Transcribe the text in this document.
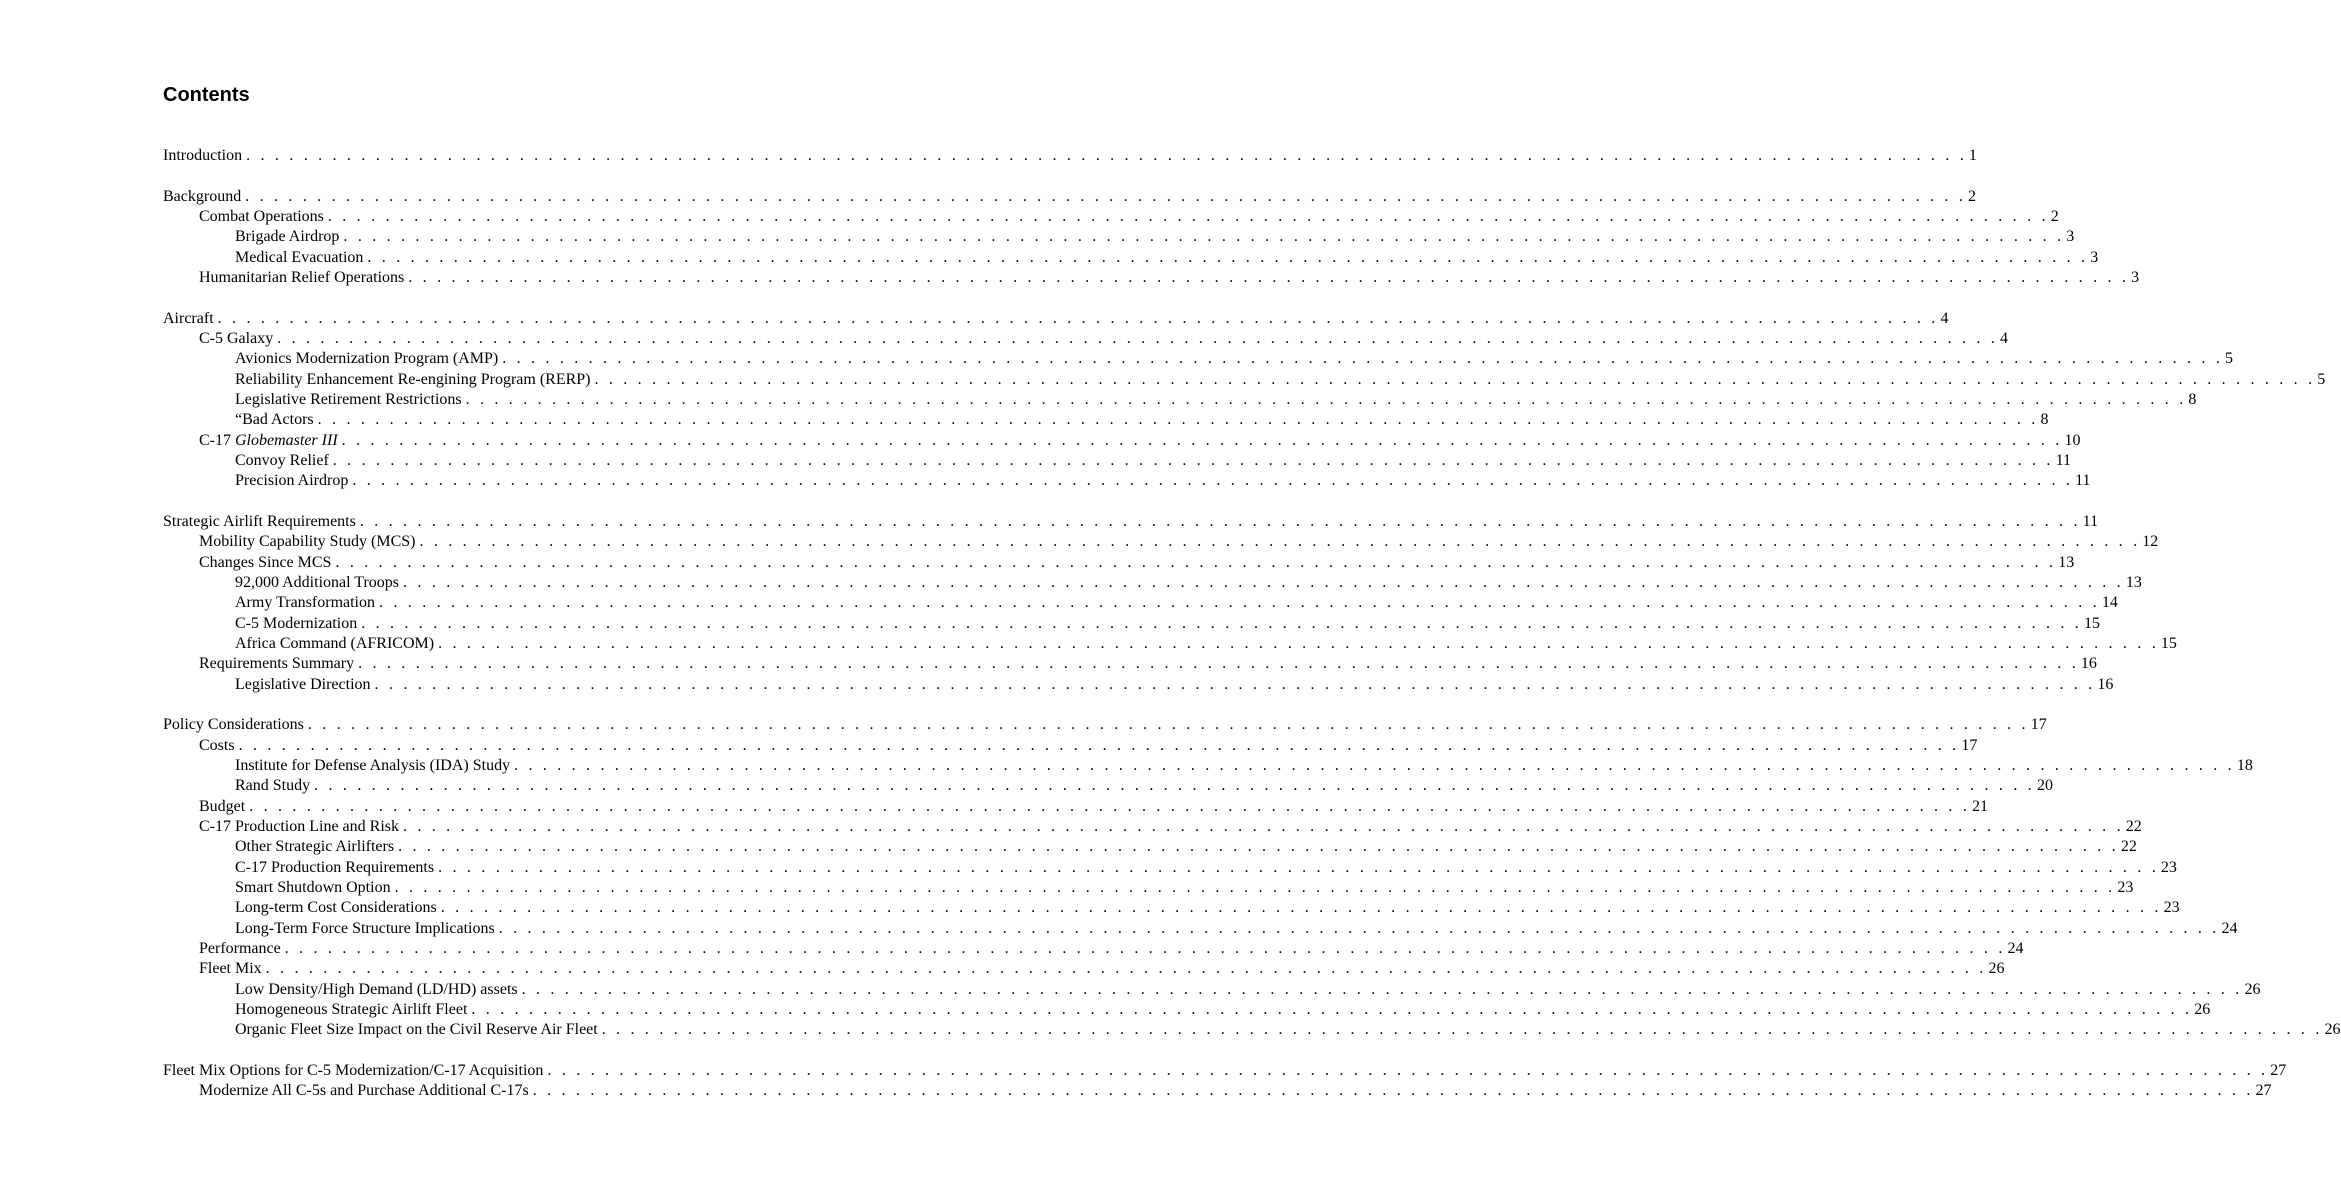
Contents
Introduction . . . . . . . . . . . . . . . . . . . . . . . . . . . . . . . . . . . . . . . . . . . . . . . . . . . . . . . . . . . . . . . . . . . . . . . . . . . . . . . . . . . . . . . . . . . . . . . . . . . . . . . . . . . . . . . . . . . . . . . . 1
Background . . . . . . . . . . . . . . . . . . . . . . . . . . . . . . . . . . . . . . . . . . . . . . . . . . . . . . . . . . . . . . . . . . . . . . . . . . . . . . . . . . . . . . . . . . . . . . . . . . . . . . . . . . . . . . . . . . . . . . . . 2
Combat Operations . . . . . . . . . . . . . . . . . . . . . . . . . . . . . . . . . . . . . . . . . . . . . . . . . . . . . . . . . . . . . . . . . . . . . . . . . . . . . . . . . . . . . . . . . . . . . . . . . . . . . . . . . . . . . . . . . . . . . . . . 2
Brigade Airdrop . . . . . . . . . . . . . . . . . . . . . . . . . . . . . . . . . . . . . . . . . . . . . . . . . . . . . . . . . . . . . . . . . . . . . . . . . . . . . . . . . . . . . . . . . . . . . . . . . . . . . . . . . . . . . . . . . . . . . . . . 3
Medical Evacuation . . . . . . . . . . . . . . . . . . . . . . . . . . . . . . . . . . . . . . . . . . . . . . . . . . . . . . . . . . . . . . . . . . . . . . . . . . . . . . . . . . . . . . . . . . . . . . . . . . . . . . . . . . . . . . . . . . . . . . . . 3
Humanitarian Relief Operations . . . . . . . . . . . . . . . . . . . . . . . . . . . . . . . . . . . . . . . . . . . . . . . . . . . . . . . . . . . . . . . . . . . . . . . . . . . . . . . . . . . . . . . . . . . . . . . . . . . . . . . . . . . . . . . . . . . . . . . . 3
Aircraft . . . . . . . . . . . . . . . . . . . . . . . . . . . . . . . . . . . . . . . . . . . . . . . . . . . . . . . . . . . . . . . . . . . . . . . . . . . . . . . . . . . . . . . . . . . . . . . . . . . . . . . . . . . . . . . . . . . . . . . . 4
C-5 Galaxy . . . . . . . . . . . . . . . . . . . . . . . . . . . . . . . . . . . . . . . . . . . . . . . . . . . . . . . . . . . . . . . . . . . . . . . . . . . . . . . . . . . . . . . . . . . . . . . . . . . . . . . . . . . . . . . . . . . . . . . . 4
Avionics Modernization Program (AMP) . . . . . . . . . . . . . . . . . . . . . . . . . . . . . . . . . . . . . . . . . . . . . . . . . . . . . . . . . . . . . . . . . . . . . . . . . . . . . . . . . . . . . . . . . . . . . . . . . . . . . . . . . . . . . . . . . . . . . . . . 5
Reliability Enhancement Re-engining Program (RERP) . . . . . . . . . . . . . . . . . . . . . . . . . . . . . . . . . . . . . . . . . . . . . . . . . . . . . . . . . . . . . . . . . . . . . . . . . . . . . . . . . . . . . . . . . . . . . . . . . . . . . . . . . . . . . . . . . . . . . . . . 5
Legislative Retirement Restrictions . . . . . . . . . . . . . . . . . . . . . . . . . . . . . . . . . . . . . . . . . . . . . . . . . . . . . . . . . . . . . . . . . . . . . . . . . . . . . . . . . . . . . . . . . . . . . . . . . . . . . . . . . . . . . . . . . . . . . . . . 8
“Bad Actors . . . . . . . . . . . . . . . . . . . . . . . . . . . . . . . . . . . . . . . . . . . . . . . . . . . . . . . . . . . . . . . . . . . . . . . . . . . . . . . . . . . . . . . . . . . . . . . . . . . . . . . . . . . . . . . . . . . . . . . . 8
C-17 Globemaster III . . . . . . . . . . . . . . . . . . . . . . . . . . . . . . . . . . . . . . . . . . . . . . . . . . . . . . . . . . . . . . . . . . . . . . . . . . . . . . . . . . . . . . . . . . . . . . . . . . . . . . . . . . . . . . . . . . . . . . . . 10
Convoy Relief . . . . . . . . . . . . . . . . . . . . . . . . . . . . . . . . . . . . . . . . . . . . . . . . . . . . . . . . . . . . . . . . . . . . . . . . . . . . . . . . . . . . . . . . . . . . . . . . . . . . . . . . . . . . . . . . . . . . . . . . 11
Precision Airdrop . . . . . . . . . . . . . . . . . . . . . . . . . . . . . . . . . . . . . . . . . . . . . . . . . . . . . . . . . . . . . . . . . . . . . . . . . . . . . . . . . . . . . . . . . . . . . . . . . . . . . . . . . . . . . . . . . . . . . . . . 11
Strategic Airlift Requirements . . . . . . . . . . . . . . . . . . . . . . . . . . . . . . . . . . . . . . . . . . . . . . . . . . . . . . . . . . . . . . . . . . . . . . . . . . . . . . . . . . . . . . . . . . . . . . . . . . . . . . . . . . . . . . . . . . . . . . . . 11
Mobility Capability Study (MCS) . . . . . . . . . . . . . . . . . . . . . . . . . . . . . . . . . . . . . . . . . . . . . . . . . . . . . . . . . . . . . . . . . . . . . . . . . . . . . . . . . . . . . . . . . . . . . . . . . . . . . . . . . . . . . . . . . . . . . . . . 12
Changes Since MCS . . . . . . . . . . . . . . . . . . . . . . . . . . . . . . . . . . . . . . . . . . . . . . . . . . . . . . . . . . . . . . . . . . . . . . . . . . . . . . . . . . . . . . . . . . . . . . . . . . . . . . . . . . . . . . . . . . . . . . . . 13
92,000 Additional Troops . . . . . . . . . . . . . . . . . . . . . . . . . . . . . . . . . . . . . . . . . . . . . . . . . . . . . . . . . . . . . . . . . . . . . . . . . . . . . . . . . . . . . . . . . . . . . . . . . . . . . . . . . . . . . . . . . . . . . . . . 13
Army Transformation . . . . . . . . . . . . . . . . . . . . . . . . . . . . . . . . . . . . . . . . . . . . . . . . . . . . . . . . . . . . . . . . . . . . . . . . . . . . . . . . . . . . . . . . . . . . . . . . . . . . . . . . . . . . . . . . . . . . . . . . 14
C-5 Modernization . . . . . . . . . . . . . . . . . . . . . . . . . . . . . . . . . . . . . . . . . . . . . . . . . . . . . . . . . . . . . . . . . . . . . . . . . . . . . . . . . . . . . . . . . . . . . . . . . . . . . . . . . . . . . . . . . . . . . . . . 15
Africa Command (AFRICOM) . . . . . . . . . . . . . . . . . . . . . . . . . . . . . . . . . . . . . . . . . . . . . . . . . . . . . . . . . . . . . . . . . . . . . . . . . . . . . . . . . . . . . . . . . . . . . . . . . . . . . . . . . . . . . . . . . . . . . . . . 15
Requirements Summary . . . . . . . . . . . . . . . . . . . . . . . . . . . . . . . . . . . . . . . . . . . . . . . . . . . . . . . . . . . . . . . . . . . . . . . . . . . . . . . . . . . . . . . . . . . . . . . . . . . . . . . . . . . . . . . . . . . . . . . . 16
Legislative Direction . . . . . . . . . . . . . . . . . . . . . . . . . . . . . . . . . . . . . . . . . . . . . . . . . . . . . . . . . . . . . . . . . . . . . . . . . . . . . . . . . . . . . . . . . . . . . . . . . . . . . . . . . . . . . . . . . . . . . . . . 16
Policy Considerations . . . . . . . . . . . . . . . . . . . . . . . . . . . . . . . . . . . . . . . . . . . . . . . . . . . . . . . . . . . . . . . . . . . . . . . . . . . . . . . . . . . . . . . . . . . . . . . . . . . . . . . . . . . . . . . . . . . . . . . . 17
Costs . . . . . . . . . . . . . . . . . . . . . . . . . . . . . . . . . . . . . . . . . . . . . . . . . . . . . . . . . . . . . . . . . . . . . . . . . . . . . . . . . . . . . . . . . . . . . . . . . . . . . . . . . . . . . . . . . . . . . . . . 17
Institute for Defense Analysis (IDA) Study . . . . . . . . . . . . . . . . . . . . . . . . . . . . . . . . . . . . . . . . . . . . . . . . . . . . . . . . . . . . . . . . . . . . . . . . . . . . . . . . . . . . . . . . . . . . . . . . . . . . . . . . . . . . . . . . . . . . . . . . 18
Rand Study . . . . . . . . . . . . . . . . . . . . . . . . . . . . . . . . . . . . . . . . . . . . . . . . . . . . . . . . . . . . . . . . . . . . . . . . . . . . . . . . . . . . . . . . . . . . . . . . . . . . . . . . . . . . . . . . . . . . . . . . 20
Budget . . . . . . . . . . . . . . . . . . . . . . . . . . . . . . . . . . . . . . . . . . . . . . . . . . . . . . . . . . . . . . . . . . . . . . . . . . . . . . . . . . . . . . . . . . . . . . . . . . . . . . . . . . . . . . . . . . . . . . . . 21
C-17 Production Line and Risk . . . . . . . . . . . . . . . . . . . . . . . . . . . . . . . . . . . . . . . . . . . . . . . . . . . . . . . . . . . . . . . . . . . . . . . . . . . . . . . . . . . . . . . . . . . . . . . . . . . . . . . . . . . . . . . . . . . . . . . . 22
Other Strategic Airlifters . . . . . . . . . . . . . . . . . . . . . . . . . . . . . . . . . . . . . . . . . . . . . . . . . . . . . . . . . . . . . . . . . . . . . . . . . . . . . . . . . . . . . . . . . . . . . . . . . . . . . . . . . . . . . . . . . . . . . . . . 22
C-17 Production Requirements . . . . . . . . . . . . . . . . . . . . . . . . . . . . . . . . . . . . . . . . . . . . . . . . . . . . . . . . . . . . . . . . . . . . . . . . . . . . . . . . . . . . . . . . . . . . . . . . . . . . . . . . . . . . . . . . . . . . . . . . 23
Smart Shutdown Option . . . . . . . . . . . . . . . . . . . . . . . . . . . . . . . . . . . . . . . . . . . . . . . . . . . . . . . . . . . . . . . . . . . . . . . . . . . . . . . . . . . . . . . . . . . . . . . . . . . . . . . . . . . . . . . . . . . . . . . . 23
Long-term Cost Considerations . . . . . . . . . . . . . . . . . . . . . . . . . . . . . . . . . . . . . . . . . . . . . . . . . . . . . . . . . . . . . . . . . . . . . . . . . . . . . . . . . . . . . . . . . . . . . . . . . . . . . . . . . . . . . . . . . . . . . . . . 23
Long-Term Force Structure Implications . . . . . . . . . . . . . . . . . . . . . . . . . . . . . . . . . . . . . . . . . . . . . . . . . . . . . . . . . . . . . . . . . . . . . . . . . . . . . . . . . . . . . . . . . . . . . . . . . . . . . . . . . . . . . . . . . . . . . . . . 24
Performance . . . . . . . . . . . . . . . . . . . . . . . . . . . . . . . . . . . . . . . . . . . . . . . . . . . . . . . . . . . . . . . . . . . . . . . . . . . . . . . . . . . . . . . . . . . . . . . . . . . . . . . . . . . . . . . . . . . . . . . . 24
Fleet Mix . . . . . . . . . . . . . . . . . . . . . . . . . . . . . . . . . . . . . . . . . . . . . . . . . . . . . . . . . . . . . . . . . . . . . . . . . . . . . . . . . . . . . . . . . . . . . . . . . . . . . . . . . . . . . . . . . . . . . . . . 26
Low Density/High Demand (LD/HD) assets . . . . . . . . . . . . . . . . . . . . . . . . . . . . . . . . . . . . . . . . . . . . . . . . . . . . . . . . . . . . . . . . . . . . . . . . . . . . . . . . . . . . . . . . . . . . . . . . . . . . . . . . . . . . . . . . . . . . . . . . 26
Homogeneous Strategic Airlift Fleet . . . . . . . . . . . . . . . . . . . . . . . . . . . . . . . . . . . . . . . . . . . . . . . . . . . . . . . . . . . . . . . . . . . . . . . . . . . . . . . . . . . . . . . . . . . . . . . . . . . . . . . . . . . . . . . . . . . . . . . . 26
Organic Fleet Size Impact on the Civil Reserve Air Fleet . . . . . . . . . . . . . . . . . . . . . . . . . . . . . . . . . . . . . . . . . . . . . . . . . . . . . . . . . . . . . . . . . . . . . . . . . . . . . . . . . . . . . . . . . . . . . . . . . . . . . . . . . . . . . . . . . . . . . . . . 26
Fleet Mix Options for C-5 Modernization/C-17 Acquisition . . . . . . . . . . . . . . . . . . . . . . . . . . . . . . . . . . . . . . . . . . . . . . . . . . . . . . . . . . . . . . . . . . . . . . . . . . . . . . . . . . . . . . . . . . . . . . . . . . . . . . . . . . . . . . . . . . . . . . . . 27
Modernize All C-5s and Purchase Additional C-17s . . . . . . . . . . . . . . . . . . . . . . . . . . . . . . . . . . . . . . . . . . . . . . . . . . . . . . . . . . . . . . . . . . . . . . . . . . . . . . . . . . . . . . . . . . . . . . . . . . . . . . . . . . . . . . . . . . . . . . . . 27
